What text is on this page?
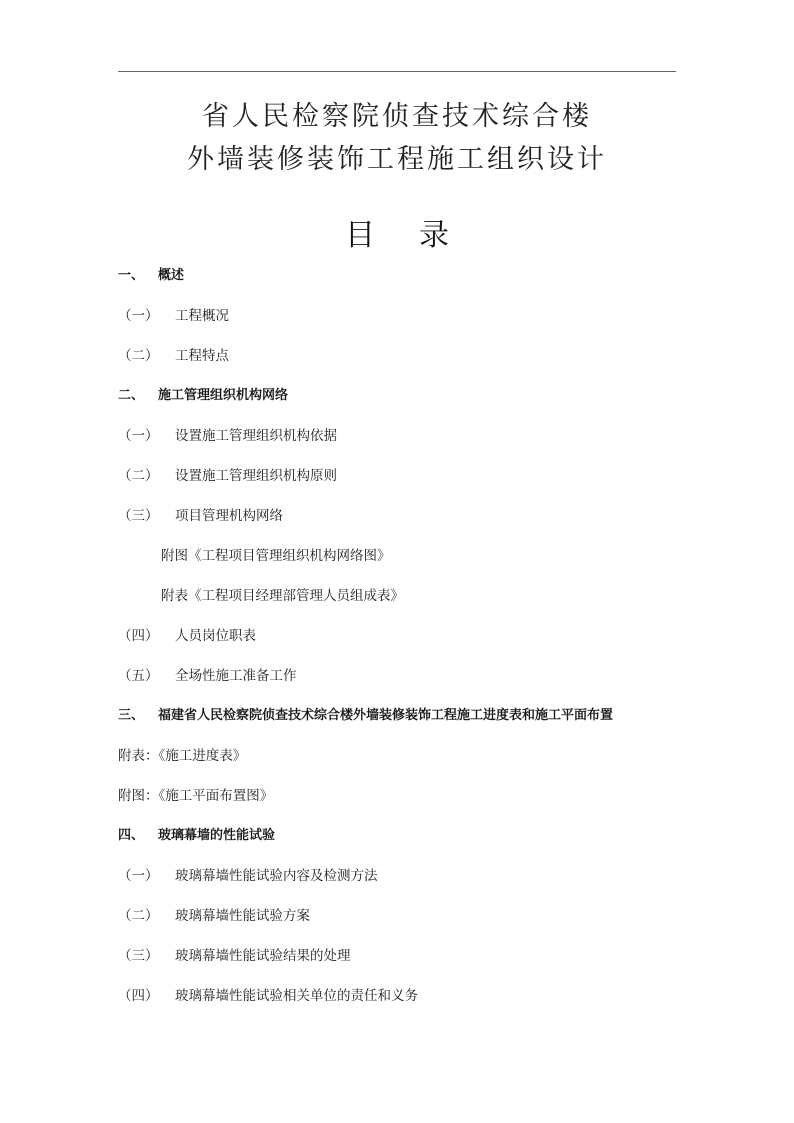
省人民检察院侦查技术综合楼
外墙装修装饰工程施工组织设计
目录
一、 概述
（一） 工程概况
（二） 工程特点
二、 施工管理组织机构网络
（一） 设置施工管理组织机构依据
（二） 设置施工管理组织机构原则
（三） 项目管理机构网络
附图《工程项目管理组织机构网络图》
附表《工程项目经理部管理人员组成表》
（四） 人员岗位职表
（五） 全场性施工准备工作
三、 福建省人民检察院侦查技术综合楼外墙装修装饰工程施工进度表和施工平面布置
附表：《施工进度表》
附图：《施工平面布置图》
四、 玻璃幕墙的性能试验
（一） 玻璃幕墙性能试验内容及检测方法
（二） 玻璃幕墙性能试验方案
（三） 玻璃幕墙性能试验结果的处理
（四） 玻璃幕墙性能试验相关单位的责任和义务
